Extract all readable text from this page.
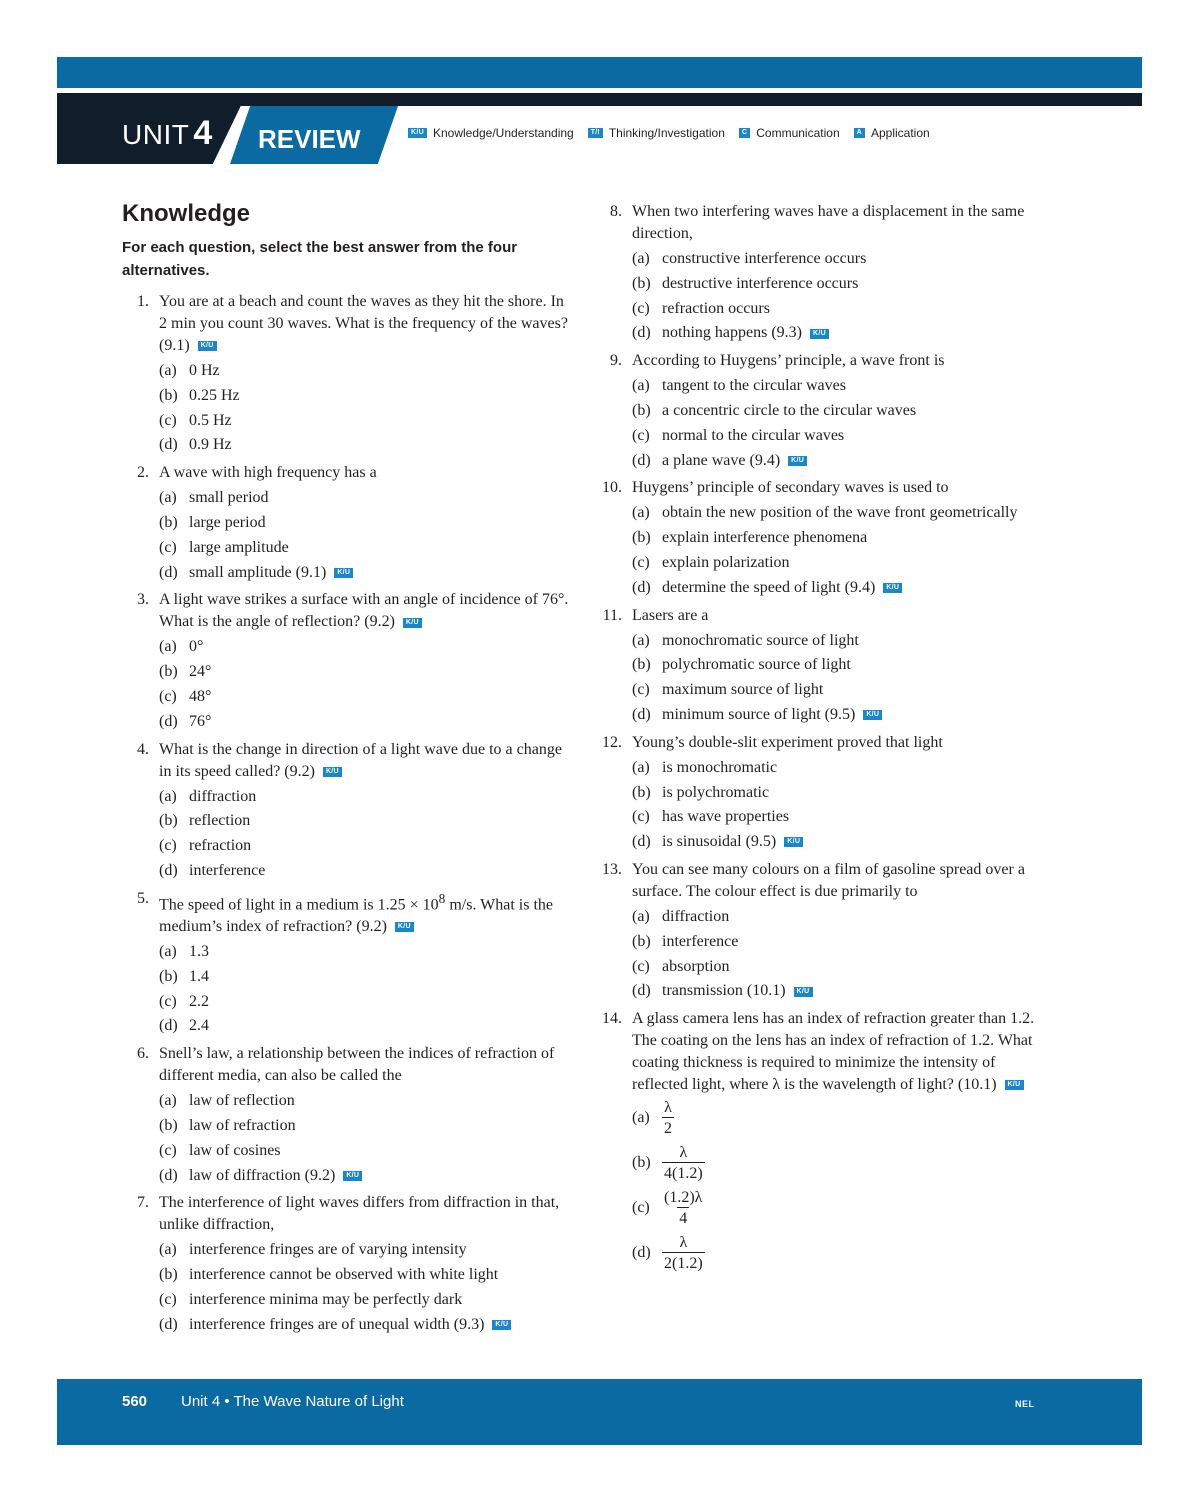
UNIT 4 REVIEW	K/U Knowledge/Understanding	T/I Thinking/Investigation	C Communication	A Application
Knowledge

For each question, select the best answer from the four alternatives.

1. You are at a beach and count the waves as they hit the shore. In 2 min you count 30 waves. What is the frequency of the waves? (9.1) K/U
(a) 0 Hz
(b) 0.25 Hz
(c) 0.5 Hz
(d) 0.9 Hz
2. A wave with high frequency has a
(a) small period
(b) large period
(c) large amplitude
(d) small amplitude (9.1) K/U
3. A light wave strikes a surface with an angle of incidence of 76°. What is the angle of reflection? (9.2) K/U
(a) 0°
(b) 24°
(c) 48°
(d) 76°
4. What is the change in direction of a light wave due to a change in its speed called? (9.2) K/U
(a) diffraction
(b) reflection
(c) refraction
(d) interference
5. The speed of light in a medium is $1.25 \times 10^8$ m/s. What is the medium’s index of refraction? (9.2) K/U
(a) 1.3
(b) 1.4
(c) 2.2
(d) 2.4
6. Snell’s law, a relationship between the indices of refraction of different media, can also be called the
(a) law of reflection
(b) law of refraction
(c) law of cosines
(d) law of diffraction (9.2) K/U
7. The interference of light waves differs from diffraction in that, unlike diffraction,
(a) interference fringes are of varying intensity
(b) interference cannot be observed with white light
(c) interference minima may be perfectly dark
(d) interference fringes are of unequal width (9.3) K/U
8. When two interfering waves have a displacement in the same direction,
(a) constructive interference occurs
(b) destructive interference occurs
(c) refraction occurs
(d) nothing happens (9.3) K/U
9. According to Huygens’ principle, a wave front is
(a) tangent to the circular waves
(b) a concentric circle to the circular waves
(c) normal to the circular waves
(d) a plane wave (9.4) K/U
10. Huygens’ principle of secondary waves is used to
(a) obtain the new position of the wave front geometrically
(b) explain interference phenomena
(c) explain polarization
(d) determine the speed of light (9.4) K/U
11. Lasers are a
(a) monochromatic source of light
(b) polychromatic source of light
(c) maximum source of light
(d) minimum source of light (9.5) K/U
12. Young’s double-slit experiment proved that light
(a) is monochromatic
(b) is polychromatic
(c) has wave properties
(d) is sinusoidal (9.5) K/U
13. You can see many colours on a film of gasoline spread over a surface. The colour effect is due primarily to
(a) diffraction
(b) interference
(c) absorption
(d) transmission (10.1) K/U
14. A glass camera lens has an index of refraction greater than 1.2. The coating on the lens has an index of refraction of 1.2. What coating thickness is required to minimize the intensity of reflected light, where λ is the wavelength of light? (10.1) K/U
$(a) \frac{\lambda}{2}$
$(b) \frac{\lambda}{4(1.2)}$
$(c) \frac{(1.2)\lambda}{4}$
$(d) \frac{\lambda}{2(1.2)}$
560 Unit 4 • The Wave Nature of Light	NEL
